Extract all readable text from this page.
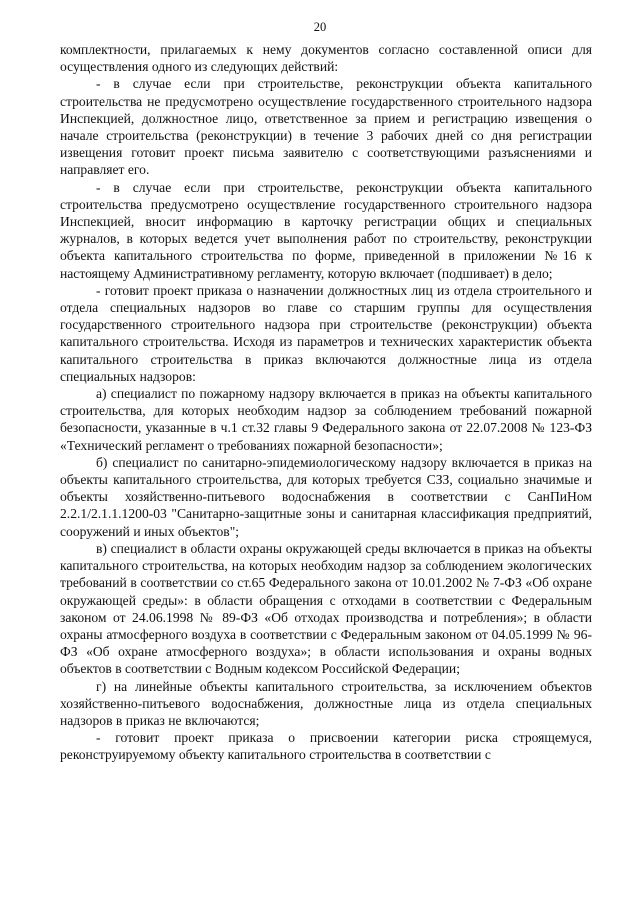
20

комплектности, прилагаемых к нему документов согласно составленной описи для осуществления одного из следующих действий:

- в случае если при строительстве, реконструкции объекта капитального строительства не предусмотрено осуществление государственного строительного надзора Инспекцией, должностное лицо, ответственное за прием и регистрацию извещения о начале строительства (реконструкции) в течение 3 рабочих дней со дня регистрации извещения готовит проект письма заявителю с соответствующими разъяснениями и направляет его.

- в случае если при строительстве, реконструкции объекта капитального строительства предусмотрено осуществление государственного строительного надзора Инспекцией, вносит информацию в карточку регистрации общих и специальных журналов, в которых ведется учет выполнения работ по строительству, реконструкции объекта капитального строительства по форме, приведенной в приложении №16 к настоящему Административному регламенту, которую включает (подшивает) в дело;

- готовит проект приказа о назначении должностных лиц из отдела строительного и отдела специальных надзоров во главе со старшим группы для осуществления государственного строительного надзора при строительстве (реконструкции) объекта капитального строительства. Исходя из параметров и технических характеристик объекта капитального строительства в приказ включаются должностные лица из отдела специальных надзоров:

а) специалист по пожарному надзору включается в приказ на объекты капитального строительства, для которых необходим надзор за соблюдением требований пожарной безопасности, указанные в ч.1 ст.32 главы 9 Федерального закона от 22.07.2008 № 123-ФЗ «Технический регламент о требованиях пожарной безопасности»;

б) специалист по санитарно-эпидемиологическому надзору включается в приказ на объекты капитального строительства, для которых требуется СЗЗ, социально значимые и объекты хозяйственно-питьевого водоснабжения в соответствии с СанПиНом 2.2.1/2.1.1.1200-03 "Санитарно-защитные зоны и санитарная классификация предприятий, сооружений и иных объектов";

в) специалист в области охраны окружающей среды включается в приказ на объекты капитального строительства, на которых необходим надзор за соблюдением экологических требований в соответствии со ст.65 Федерального закона от 10.01.2002 № 7-ФЗ «Об охране окружающей среды»: в области обращения с отходами в соответствии с Федеральным законом от 24.06.1998 № 89-ФЗ «Об отходах производства и потребления»; в области охраны атмосферного воздуха в соответствии с Федеральным законом от 04.05.1999 № 96-ФЗ «Об охране атмосферного воздуха»; в области использования и охраны водных объектов в соответствии с Водным кодексом Российской Федерации;

г) на линейные объекты капитального строительства, за исключением объектов хозяйственно-питьевого водоснабжения, должностные лица из отдела специальных надзоров в приказ не включаются;

- готовит проект приказа о присвоении категории риска строящемуся, реконструируемому объекту капитального строительства в соответствии с
